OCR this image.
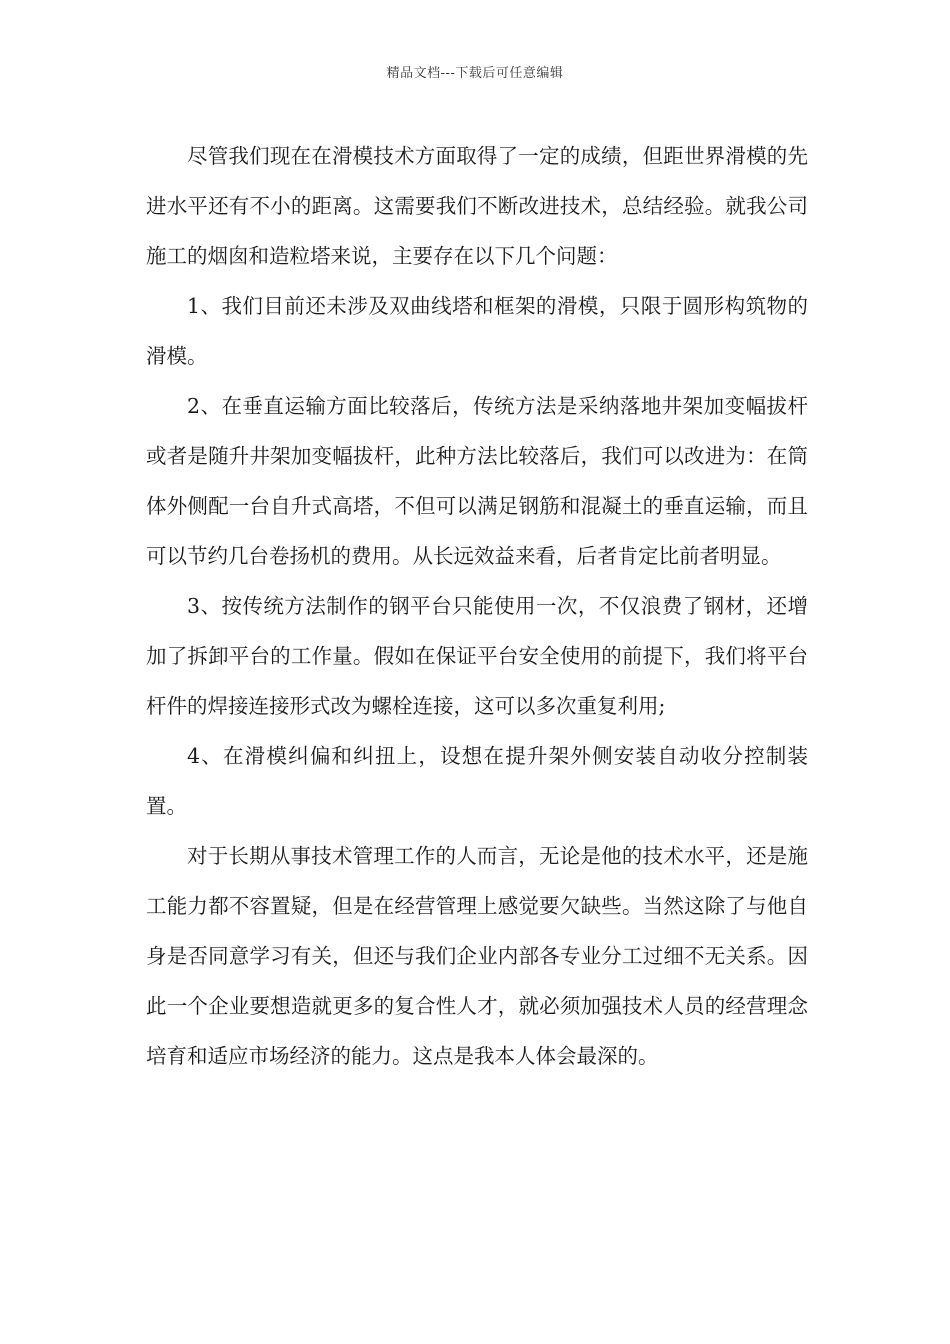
精品文档---下载后可任意编辑

尽管我们现在在滑模技术方面取得了一定的成绩，但距世界滑模的先进水平还有不小的距离。这需要我们不断改进技术，总结经验。就我公司施工的烟囱和造粒塔来说，主要存在以下几个问题：

1、我们目前还未涉及双曲线塔和框架的滑模，只限于圆形构筑物的滑模。

2、在垂直运输方面比较落后，传统方法是采纳落地井架加变幅拔杆或者是随升井架加变幅拔杆，此种方法比较落后，我们可以改进为：在筒体外侧配一台自升式高塔，不但可以满足钢筋和混凝土的垂直运输，而且可以节约几台卷扬机的费用。从长远效益来看，后者肯定比前者明显。

3、按传统方法制作的钢平台只能使用一次，不仅浪费了钢材，还增加了拆卸平台的工作量。假如在保证平台安全使用的前提下，我们将平台杆件的焊接连接形式改为螺栓连接，这可以多次重复利用;

4、在滑模纠偏和纠扭上，设想在提升架外侧安装自动收分控制装置。

对于长期从事技术管理工作的人而言，无论是他的技术水平，还是施工能力都不容置疑，但是在经营管理上感觉要欠缺些。当然这除了与他自身是否同意学习有关，但还与我们企业内部各专业分工过细不无关系。因此一个企业要想造就更多的复合性人才，就必须加强技术人员的经营理念培育和适应市场经济的能力。这点是我本人体会最深的。
